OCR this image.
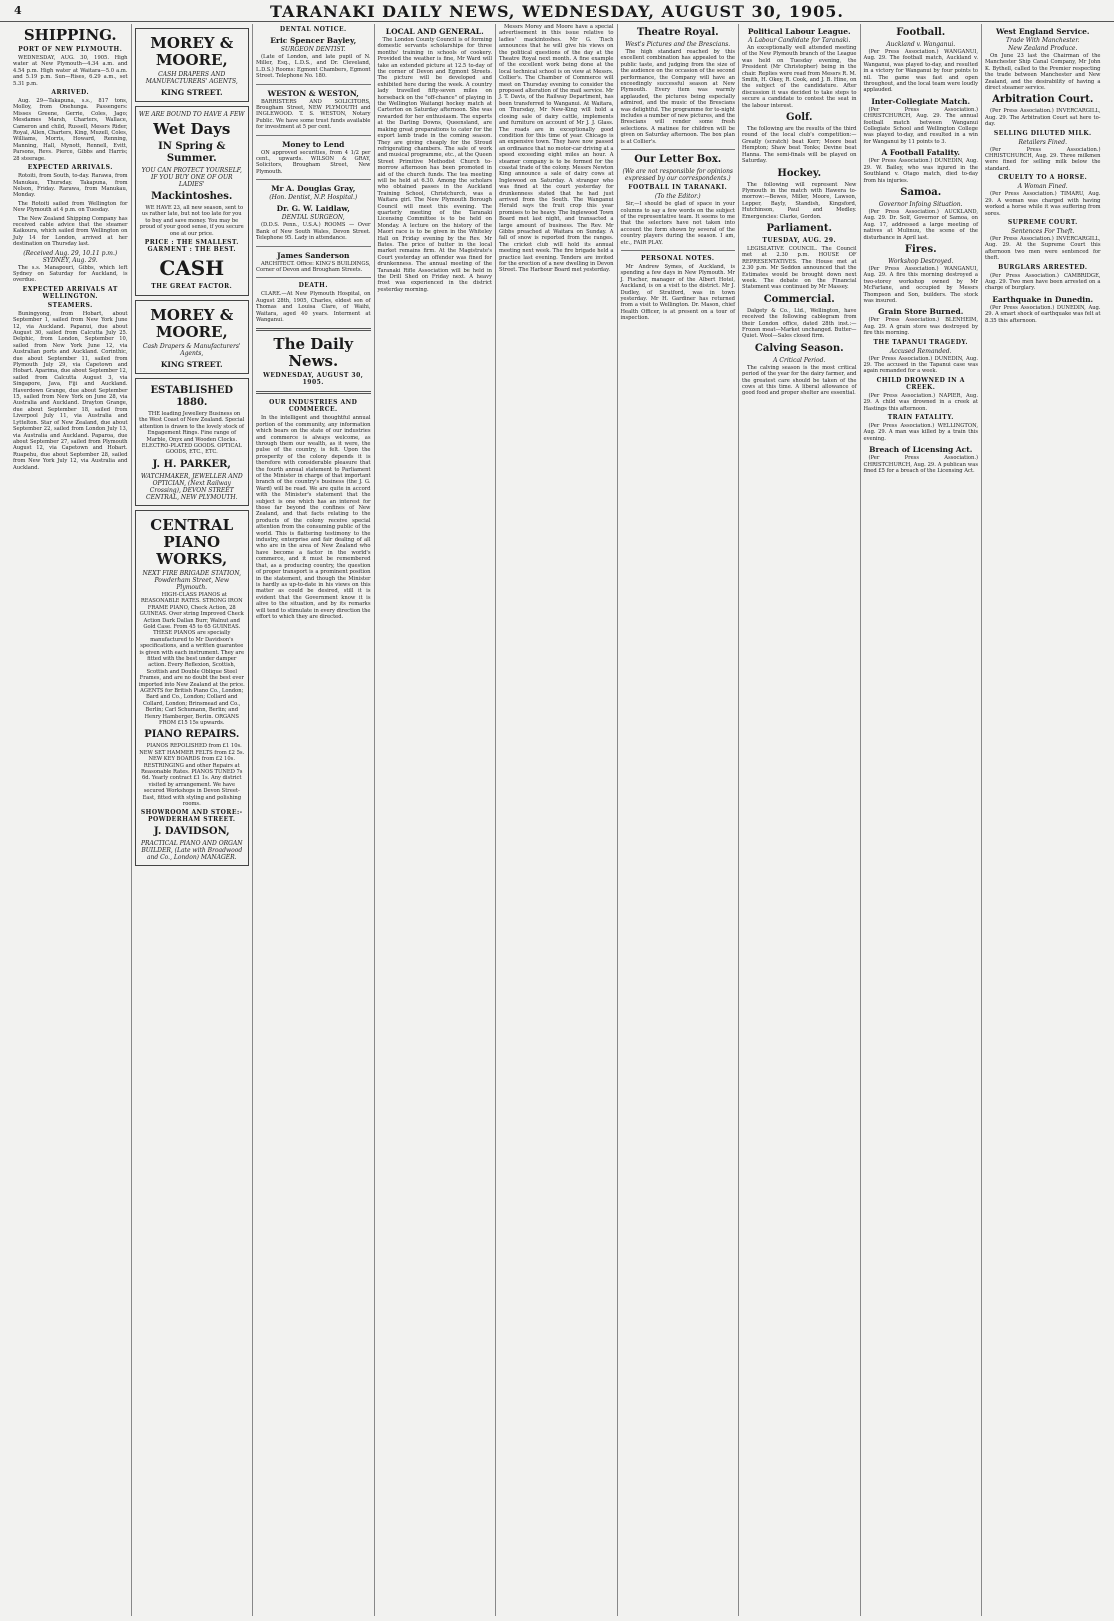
4	TARANAKI DAILY NEWS, WEDNESDAY, AUGUST 30, 1905.
SHIPPING.
PORT OF NEW PLYMOUTH.

WEDNESDAY, AUG. 30, 1905. High water at New Plymouth—4.34 a.m. and 4.54 p.m. High water at Waitara—5.0 a.m. and 5.19 p.m. Sun—Rises, 6.29 a.m., set 5.31 p.m.

ARRIVED.

Aug. 29—Takapuna, s.s., 817 tons, Molloy, from Onehunga. Passengers: Misses Greene, Gerrie, Coles, Jago; Mesdames Marsh, Charters, Wallace, Cameron and child, Russell, Messrs Rider, Royal, Allen, Charters, King, Muzell, Coles, Williams, Morris, Howard, Renning, Manning, Hall, Mynott, Rennell, Evitt, Parsons, Revs. Pierce, Gibbs and Harris; 28 steerage.

EXPECTED ARRIVALS.

Rotoiti, from South, to-day. Rarawa, from Manukau, Thursday. Takapuna, from Nelson, Friday. Rarawa, from Manukau, Monday.

The Rotoiti sailed from Wellington for New Plymouth at 4 p.m. on Tuesday.

The New Zealand Shipping Company has received cable advice that the steamer Kaikoura, which sailed from Wellington on July 14 for London, arrived at her destination on Thursday last.

(Received Aug. 29, 10.11 p.m.) SYDNEY, Aug. 29.

The s.s. Manapouri, Gibbs, which left Sydney on Saturday for Auckland, is overdue.

EXPECTED ARRIVALS AT WELLINGTON.
STEAMERS.

Buningyong, from Hobart, about September 1, sailed from New York June 12, via Auckland. Papanui, due about August 30, sailed from Calcutta July 25. Delphic, from London, September 10, sailed from New York June 12, via Australian ports and Auckland. Corinthic, due about September 11, sailed from Plymouth July 29, via Capetown and Hobart. Aparima, due about September 12, sailed from Calcutta August 3, via Singapore, Java, Fiji and Auckland. Haverdown Grange, due about September 15, sailed from New York on June 28, via Australia and Auckland. Drayton Grange, due about September 18, sailed from Liverpool July 11, via Australia and Lyttelton. Star of New Zealand, due about September 22, sailed from London July 13, via Australia and Auckland. Paparoa, due about September 27, sailed from Plymouth August 12, via Capetown and Hobart. Ruapehu, due about September 28, sailed from New York July 12, via Australia and Auckland.

MOREY & MOORE,
CASH DRAPERS AND MANUFACTURERS' AGENTS,
KING STREET.
WE ARE BOUND TO HAVE A FEW
Wet Days
IN Spring & Summer.
YOU CAN PROTECT YOURSELF, IF YOU BUY ONE OF OUR LADIES'
Mackintoshes.

WE HAVE 23, all new season, sent to us rather late, but not too late for you to buy and save money. You may be proud of your good sense, if you secure one at our price.

PRICE : THE SMALLEST. GARMENT : THE BEST.
CASH
THE GREAT FACTOR.
MOREY & MOORE,
Cash Drapers & Manufacturers' Agents,
KING STREET.
ESTABLISHED 1880.

THE leading Jewellery Business on the West Coast of New Zealand. Special attention is drawn to the lovely stock of Engagement Rings. Fine range of Marble, Onyx and Wooden Clocks. ELECTRO-PLATED GOODS. OPTICAL GOODS, ETC., ETC.

J. H. PARKER,
WATCHMAKER, JEWELLER AND OPTICIAN, (Next Railway Crossing), DEVON STREET CENTRAL, NEW PLYMOUTH.
CENTRAL PIANO WORKS,
NEXT FIRE BRIGADE STATION, Powderham Street, New Plymouth.

HIGH-CLASS PIANOS at REASONABLE RATES. STRONG IRON FRAME PIANO, Check Action, 28 GUINEAS. Over string Improved Check Action Dark Dallan Burr, Walnut and Gold Case. From 45 to 65 GUINEAS. THESE PIANOS are specially manufactured to Mr Davidson's specifications, and a written guarantee is given with each instrument. They are fitted with the best under damper action. Every Reflexion, Scottish, Scottish and Double Oblique Steel Frames, and are no doubt the best ever imported into New Zealand at the price. AGENTS for British Piano Co., London; Bard and Co., London; Collard and Collard, London; Brinsmead and Co., Berlin; Carl Schumann, Berlin; and Henry Hamberger, Berlin. ORGANS FROM £15 15s upwards.

PIANO REPAIRS.

PIANOS REPOLISHED from £1 10s. NEW SET HAMMER FELTS from £2 5s. NEW KEY BOARDS from £2 10s. RESTRINGING and other Repairs at Reasonable Rates. PIANOS TUNED 7s 6d. Yearly contract £1 1s. Any district visited by arrangement. We have secured Workshops in Devon Street-East, fitted with styling and polishing rooms.

SHOWROOM AND STORE:- POWDERHAM STREET.
J. DAVIDSON,
PRACTICAL PIANO AND ORGAN BUILDER, (Late with Broadwood and Co., London) MANAGER.
DENTAL NOTICE.
Eric Spencer Bayley,
SURGEON DENTIST.

(Late of London, and late pupil of N. Miller, Esq., L.D.S., and Dr. Cleveland, L.D.S.) Rooms: Egmont Chambers, Egmont Street. Telephone No. 180.

WESTON & WESTON,

BARRISTERS AND SOLICITORS, Brougham Street, NEW PLYMOUTH and INGLEWOOD. T. S. WESTON, Notary Public. We have some trust funds available for investment at 5 per cent.

Money to Lend

ON approved securities, from 4 1/2 per cent., upwards. WILSON & GRAY, Solicitors, Brougham Street, New Plymouth.

Mr A. Douglas Gray,
(Hon. Dentist, N.P. Hospital.)
Dr. G. W. Laidlaw,
DENTAL SURGEON,

(D.D.S. Penn., U.S.A.) ROOMS — Over Bank of New South Wales, Devon Street. Telephone 95. Lady in attendance.

James Sanderson

ARCHITECT. Office: KING'S BUILDINGS, Corner of Devon and Brougham Streets.

DEATH.

CLARE.—At New Plymouth Hospital, on August 28th, 1905, Charles, eldest son of Thomas and Louisa Clare, of Waihi, Waitara, aged 40 years. Interment at Wanganui.

The Daily News.
WEDNESDAY, AUGUST 30, 1905.
OUR INDUSTRIES AND COMMERCE.

In the intelligent and thoughtful annual portion of the community, any information which bears on the state of our industries and commerce is always welcome, as through them our wealth, as it were, the pulse of the country, is felt. Upon the prosperity of the colony depends it is therefore with considerable pleasure that the fourth annual statement to Parliament of the Minister in charge of that important branch of the country's business (the J. G. Ward) will be read. We are quite in accord with the Minister's statement that the subject is one which has an interest for those far beyond the confines of New Zealand, and that facts relating to the products of the colony receive special attention from the consuming public of the world. This is flattering testimony to the industry, enterprise and fair dealing of all who are in the area of New Zealand who have become a factor in the world's commerce, and it must be remembered that, as a producing country, the question of proper transport is a prominent position in the statement, and though the Minister is hardly as up-to-date in his views on this matter as could be desired, still it is evident that the Government know it is alive to the situation, and by its remarks will tend to stimulate in every direction the effort to which they are directed.

LOCAL AND GENERAL.

The London County Council is of forming domestic servants scholarships for three months' training in schools of cookery. Provided the weather is fine, Mr Ward will take an extended picture at 12.5 to-day of the corner of Devon and Egmont Streets. The picture will be developed and exhibited here during the week. A country lady travelled fifty-seven miles on horseback on the "off-chance" of playing in the Wellington Waitangi hockey match at Carterton on Saturday afternoon. She was rewarded for her enthusiasm. The experts at the Darling Downs, Queensland, are making great preparations to cater for the export lamb trade in the coming season. They are giving cheaply for the Stroud refrigerating chambers. The sale of work and musical programme, etc., at the Queen Street Primitive Methodist Church to-morrow afternoon has been promoted in aid of the church funds. The tea meeting will be held at 6.30. Among the scholars who obtained passes in the Auckland Training School, Christchurch, was a Waitara girl. The New Plymouth Borough Council will meet this evening. The quarterly meeting of the Taranaki Licensing Committee is to be held on Monday. A lecture on the history of the Maori race is to be given in the Whiteley Hall on Friday evening by the Rev. Mr Bates. The price of butter in the local market remains firm. At the Magistrate's Court yesterday an offender was fined for drunkenness. The annual meeting of the Taranaki Rifle Association will be held in the Drill Shed on Friday next. A heavy frost was experienced in the district yesterday morning.

Messrs Morey and Moore have a special advertisement in this issue relative to ladies' mackintoshes. Mr G. Tisch announces that he will give his views on the political questions of the day at the Theatre Royal next month. A fine example of the excellent work being done at the local technical school is on view at Messrs. Collier's. The Chamber of Commerce will meet on Thursday evening to consider the proposed alteration of the mail service. Mr J. T. Davis, of the Railway Department, has been transferred to Wanganui. At Waitara, on Thursday, Mr New-King will hold a closing sale of dairy cattle, implements and furniture on account of Mr J. J. Glass. The roads are in exceptionally good condition for this time of year. Chicago is an expensive town. They have now passed an ordinance that no motor-car driving at a speed exceeding eight miles an hour. A steamer company is to be formed for the coastal trade of the colony. Messrs Newton King announce a sale of dairy cows at Inglewood on Saturday. A stranger who was fined at the court yesterday for drunkenness stated that he had just arrived from the South. The Wanganui Herald says the fruit crop this year promises to be heavy. The Inglewood Town Board met last night, and transacted a large amount of business. The Rev. Mr Gibbs preached at Waitara on Sunday. A fall of snow is reported from the ranges. The cricket club will hold its annual meeting next week. The fire brigade held a practice last evening. Tenders are invited for the erection of a new dwelling in Devon Street. The Harbour Board met yesterday.

Theatre Royal.
West's Pictures and the Brescians.

The high standard reached by this excellent combination has appealed to the public taste, and judging from the size of the audience on the occasion of the second performance, the Company will have an exceedingly successful season at New Plymouth. Every item was warmly applauded, the pictures being especially admired, and the music of the Brescians was delightful. The programme for to-night includes a number of new pictures, and the Brescians will render some fresh selections. A matinee for children will be given on Saturday afternoon. The box plan is at Collier's.

Our Letter Box.
(We are not responsible for opinions expressed by our correspondents.)
FOOTBALL IN TARANAKI.
(To the Editor.)

Sir,—I should be glad of space in your columns to say a few words on the subject of the representative team. It seems to me that the selectors have not taken into account the form shown by several of the country players during the season. I am, etc., FAIR PLAY.

PERSONAL NOTES.

Mr Andrew Symes, of Auckland, is spending a few days in New Plymouth. Mr J. Fischer, manager of the Albert Hotel, Auckland, is on a visit to the district. Mr J. Dudley, of Stratford, was in town yesterday. Mr H. Gardiner has returned from a visit to Wellington. Dr. Mason, chief Health Officer, is at present on a tour of inspection.

Political Labour League.
A Labour Candidate for Taranaki.

An exceptionally well attended meeting of the New Plymouth branch of the League was held on Tuesday evening, the President (Mr Christopher) being in the chair. Replies were read from Messrs R. M. Smith, H. Okey, R. Cook, and J. B. Hine, on the subject of the candidature. After discussion it was decided to take steps to secure a candidate to contest the seat in the labour interest.

Golf.

The following are the results of the third round of the local club's competition:—Greatly (scratch) beat Kerr; Moore beat Hempton; Shaw beat Tonks; Devine beat Hanna. The semi-finals will be played on Saturday.

Hockey.

The following will represent New Plymouth in the match with Hawera to-morrow:—Bewes, Miller, Moore, Lawson, Lepper, Bayly, Standish, Kingsford, Hutchinson, Paul and Medley. Emergencies: Clarke, Gordon.

Parliament.
TUESDAY, AUG. 29.

LEGISLATIVE COUNCIL. The Council met at 2.30 p.m. HOUSE OF REPRESENTATIVES. The House met at 2.30 p.m. Mr Seddon announced that the Estimates would be brought down next week. The debate on the Financial Statement was continued by Mr Massey.

Commercial.

Dalgety & Co., Ltd., Wellington, have received the following cablegram from their London office, dated 28th inst.:—Frozen meat—Market unchanged. Butter—Quiet. Wool—Sales closed firm.

Calving Season.
A Critical Period.

The calving season is the most critical period of the year for the dairy farmer, and the greatest care should be taken of the cows at this time. A liberal allowance of good food and proper shelter are essential.

Football.
Auckland v. Wanganui.

(Per Press Association.) WANGANUI, Aug. 29. The football match, Auckland v. Wanganui, was played to-day, and resulted in a victory for Wanganui by four points to nil. The game was fast and open throughout, and the local team were loudly applauded.

Inter-Collegiate Match.

(Per Press Association.) CHRISTCHURCH, Aug. 29. The annual football match between Wanganui Collegiate School and Wellington College was played to-day, and resulted in a win for Wanganui by 11 points to 3.

A Football Fatality.

(Per Press Association.) DUNEDIN, Aug. 29. W. Bailey, who was injured in the Southland v. Otago match, died to-day from his injuries.

Samoa.
Governor Infoing Situation.

(Per Press Association.) AUCKLAND, Aug. 29. Dr. Solf, Governor of Samoa, on Aug. 17, addressed a large meeting of natives at Mulinuu, the scene of the disturbance in April last.

Fires.
Workshop Destroyed.

(Per Press Association.) WANGANUI, Aug. 29. A fire this morning destroyed a two-storey workshop owned by Mr McFarlane, and occupied by Messrs Thompson and Son, builders. The stock was insured.

Grain Store Burned.

(Per Press Association.) BLENHEIM, Aug. 29. A grain store was destroyed by fire this morning.

THE TAPANUI TRAGEDY.
Accused Remanded.

(Per Press Association.) DUNEDIN, Aug. 29. The accused in the Tapanui case was again remanded for a week.

CHILD DROWNED IN A CREEK.

(Per Press Association.) NAPIER, Aug. 29. A child was drowned in a creek at Hastings this afternoon.

TRAIN FATALITY.

(Per Press Association.) WELLINGTON, Aug. 29. A man was killed by a train this evening.

Breach of Licensing Act.

(Per Press Association.) CHRISTCHURCH, Aug. 29. A publican was fined £5 for a breach of the Licensing Act.

West England Service.
Trade With Manchester.
New Zealand Produce.

On June 23 last the Chairman of the Manchester Ship Canal Company, Mr John K. Bythell, called to the Premier respecting the trade between Manchester and New Zealand, and the desirability of having a direct steamer service.

Arbitration Court.

(Per Press Association.) INVERCARGILL, Aug. 29. The Arbitration Court sat here to-day.

SELLING DILUTED MILK.
Retailers Fined.

(Per Press Association.) CHRISTCHURCH, Aug. 29. Three milkmen were fined for selling milk below the standard.

CRUELTY TO A HORSE.
A Woman Fined.

(Per Press Association.) TIMARU, Aug. 29. A woman was charged with having worked a horse while it was suffering from sores.

SUPREME COURT.
Sentences For Theft.

(Per Press Association.) INVERCARGILL, Aug. 29. At the Supreme Court this afternoon two men were sentenced for theft.

BURGLARS ARRESTED.

(Per Press Association.) CAMBRIDGE, Aug. 29. Two men have been arrested on a charge of burglary.

Earthquake in Dunedin.

(Per Press Association.) DUNEDIN, Aug. 29. A smart shock of earthquake was felt at 8.35 this afternoon.
